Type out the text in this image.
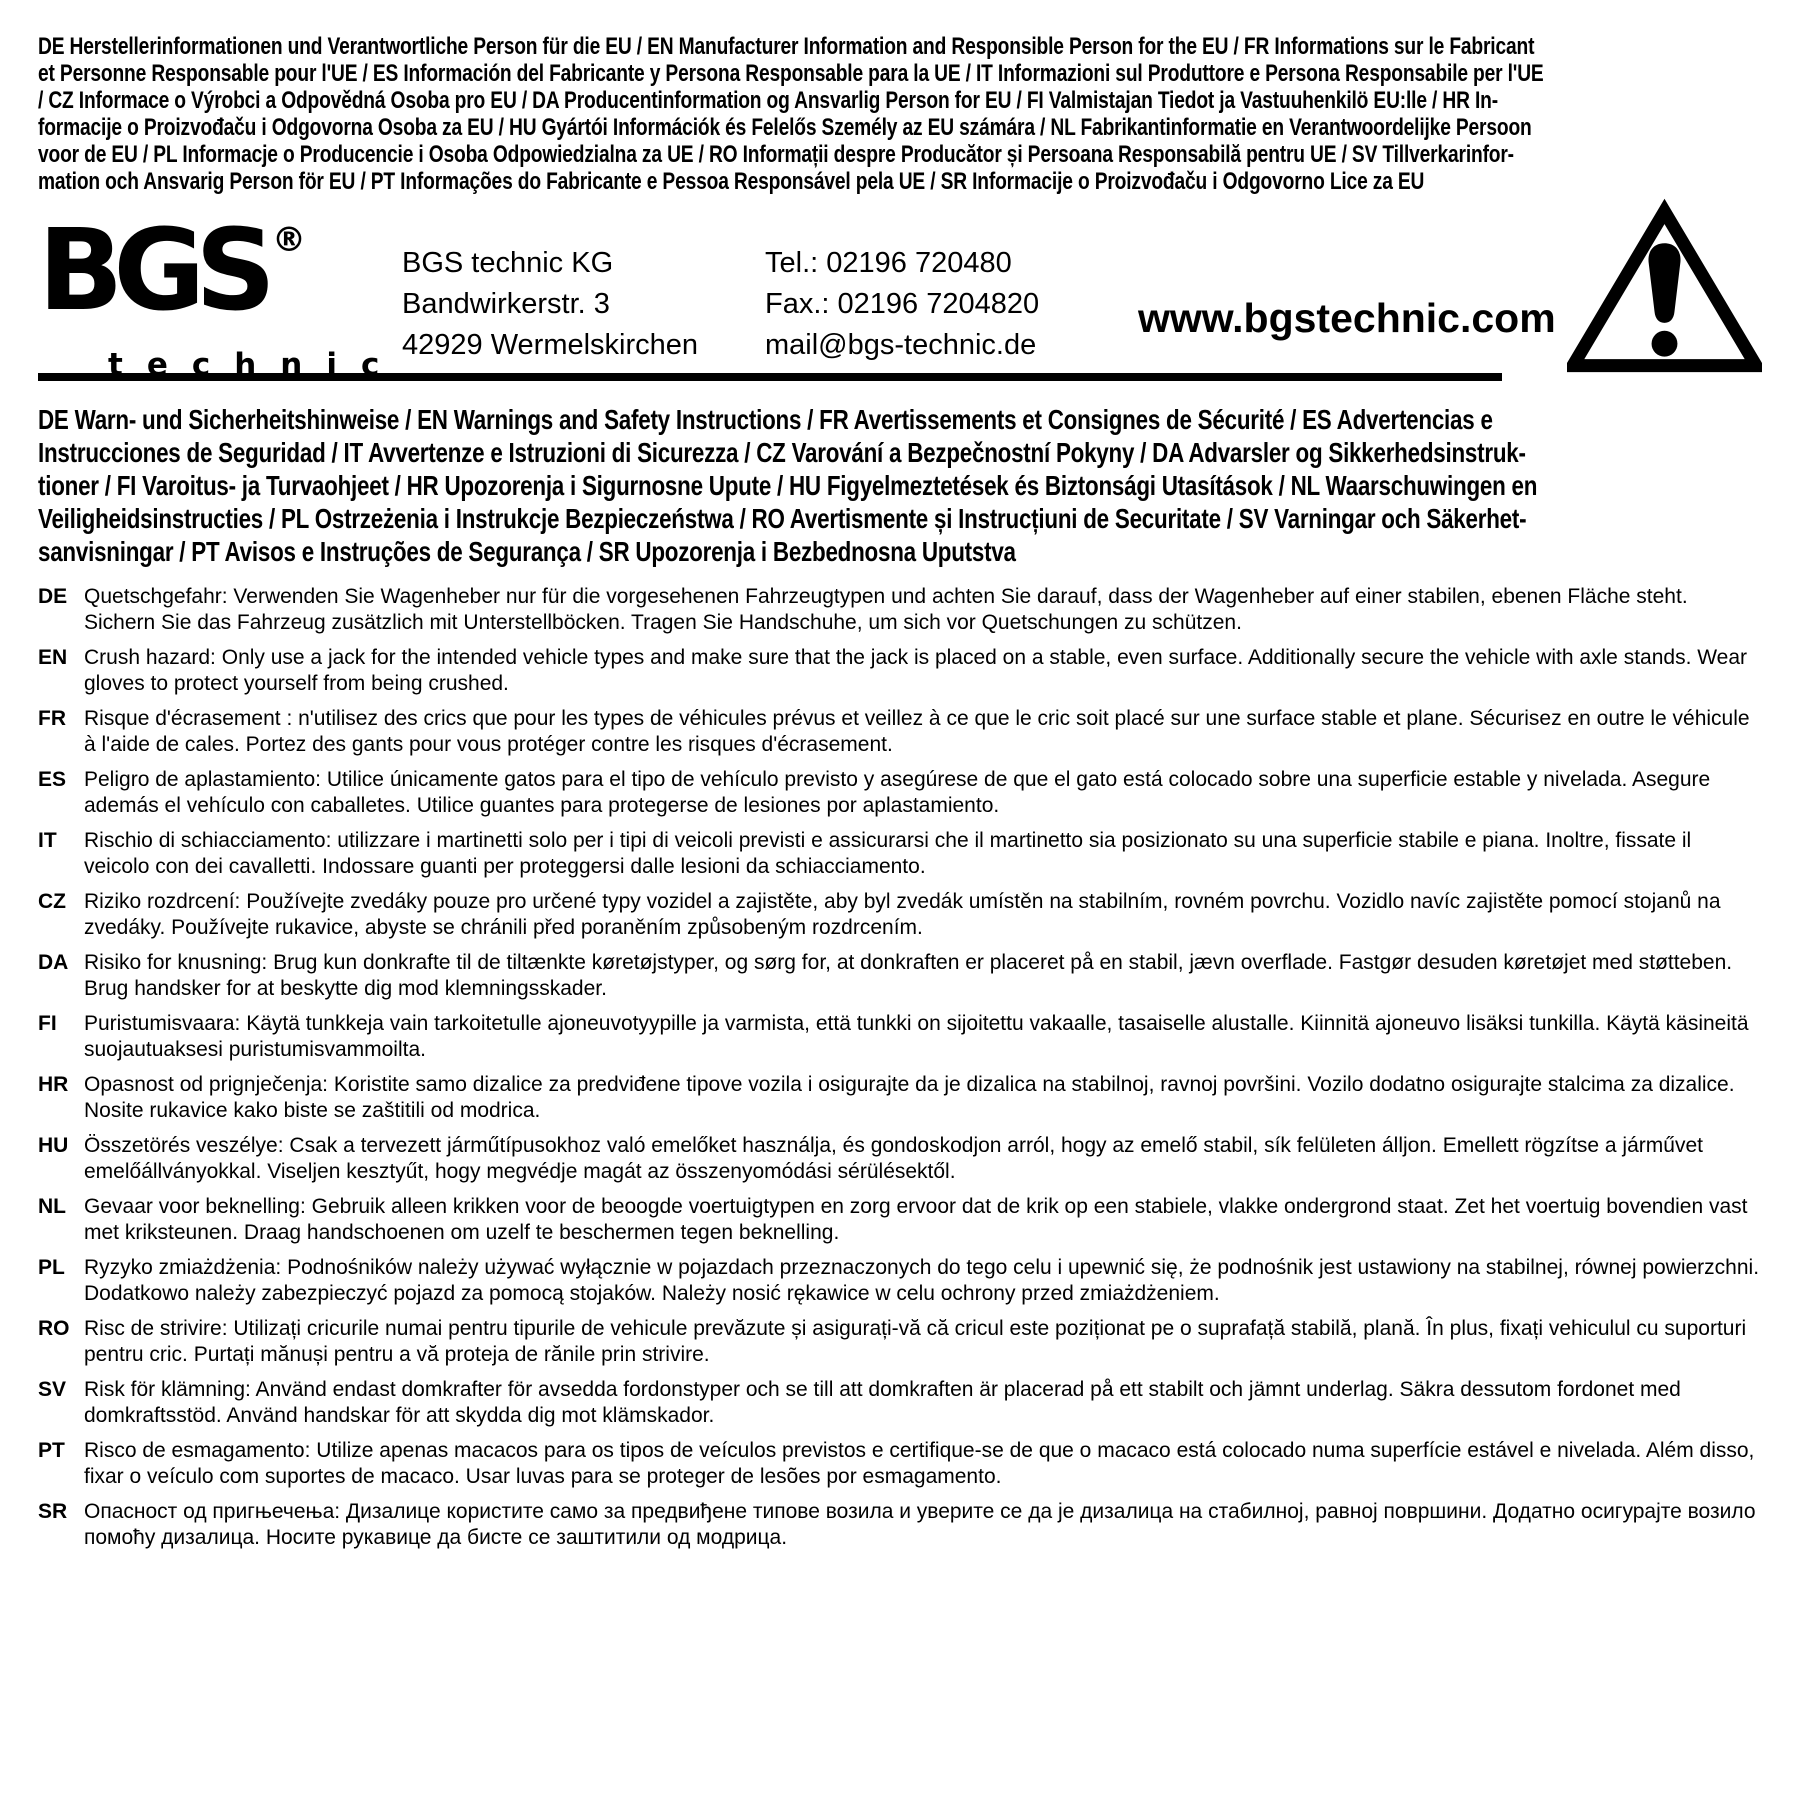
DE Herstellerinformationen und Verantwortliche Person für die EU / EN Manufacturer Information and Responsible Person for the EU / FR Informations sur le Fabricant
et Personne Responsable pour l'UE / ES Información del Fabricante y Persona Responsable para la UE / IT Informazioni sul Produttore e Persona Responsabile per l'UE
/ CZ Informace o Výrobci a Odpovědná Osoba pro EU / DA Producentinformation og Ansvarlig Person for EU / FI Valmistajan Tiedot ja Vastuuhenkilö EU:lle / HR In-
formacije o Proizvođaču i Odgovorna Osoba za EU / HU Gyártói Információk és Felelős Személy az EU számára / NL Fabrikantinformatie en Verantwoordelijke Persoon
voor de EU / PL Informacje o Producencie i Osoba Odpowiedzialna za UE / RO Informații despre Producător și Persoana Responsabilă pentru UE / SV Tillverkarinfor-
mation och Ansvarig Person för EU / PT Informações do Fabricante e Pessoa Responsável pela UE / SR Informacije o Proizvođaču i Odgovorno Lice za EU
BGS ®
technic
BGS technic KG
Bandwirkerstr. 3
42929 Wermelskirchen
Tel.: 02196 720480
Fax.: 02196 7204820
mail@bgs-technic.de
www.bgstechnic.com
DE Warn- und Sicherheitshinweise / EN Warnings and Safety Instructions / FR Avertissements et Consignes de Sécurité / ES Advertencias e
Instrucciones de Seguridad / IT Avvertenze e Istruzioni di Sicurezza / CZ Varování a Bezpečnostní Pokyny / DA Advarsler og Sikkerhedsinstruk-
tioner / FI Varoitus- ja Turvaohjeet / HR Upozorenja i Sigurnosne Upute / HU Figyelmeztetések és Biztonsági Utasítások / NL Waarschuwingen en
Veiligheidsinstructies / PL Ostrzeżenia i Instrukcje Bezpieczeństwa / RO Avertismente și Instrucțiuni de Securitate / SV Varningar och Säkerhet-
sanvisningar / PT Avisos e Instruções de Segurança / SR Upozorenja i Bezbednosna Uputstva
DE Quetschgefahr: Verwenden Sie Wagenheber nur für die vorgesehenen Fahrzeugtypen und achten Sie darauf, dass der Wagenheber auf einer stabilen, ebenen Fläche steht. Sichern Sie das Fahrzeug zusätzlich mit Unterstellböcken. Tragen Sie Handschuhe, um sich vor Quetschungen zu schützen.
EN Crush hazard: Only use a jack for the intended vehicle types and make sure that the jack is placed on a stable, even surface. Additionally secure the vehicle with axle stands. Wear gloves to protect yourself from being crushed.
FR Risque d'écrasement : n'utilisez des crics que pour les types de véhicules prévus et veillez à ce que le cric soit placé sur une surface stable et plane. Sécurisez en outre le véhicule à l'aide de cales. Portez des gants pour vous protéger contre les risques d'écrasement.
ES Peligro de aplastamiento: Utilice únicamente gatos para el tipo de vehículo previsto y asegúrese de que el gato está colocado sobre una superficie estable y nivelada. Asegure además el vehículo con caballetes. Utilice guantes para protegerse de lesiones por aplastamiento.
IT	Rischio di schiacciamento: utilizzare i martinetti solo per i tipi di veicoli previsti e assicurarsi che il martinetto sia posizionato su una superficie stabile e piana. Inoltre, fissate il veicolo con dei cavalletti. Indossare guanti per proteggersi dalle lesioni da schiacciamento.
CZ Riziko rozdrcení: Používejte zvedáky pouze pro určené typy vozidel a zajistěte, aby byl zvedák umístěn na stabilním, rovném povrchu. Vozidlo navíc zajistěte pomocí stojanů na zvedáky. Používejte rukavice, abyste se chránili před poraněním způsobeným rozdrcením.
DA Risiko for knusning: Brug kun donkrafte til de tiltænkte køretøjstyper, og sørg for, at donkraften er placeret på en stabil, jævn overflade. Fastgør desuden køretøjet med støtteben. Brug handsker for at beskytte dig mod klemningsskader.
FI	Puristumisvaara: Käytä tunkkeja vain tarkoitetulle ajoneuvotyypille ja varmista, että tunkki on sijoitettu vakaalle, tasaiselle alustalle. Kiinnitä ajoneuvo lisäksi tunkilla. Käytä käsineitä suojautuaksesi puristumisvammoilta.
HR Opasnost od prignječenja: Koristite samo dizalice za predviđene tipove vozila i osigurajte da je dizalica na stabilnoj, ravnoj površini. Vozilo dodatno osigurajte stalcima za dizalice. Nosite rukavice kako biste se zaštitili od modrica.
HU Összetörés veszélye: Csak a tervezett járműtípusokhoz való emelőket használja, és gondoskodjon arról, hogy az emelő stabil, sík felületen álljon. Emellett rögzítse a járművet emelőállványokkal. Viseljen kesztyűt, hogy megvédje magát az összenyomódási sérülésektől.
NL Gevaar voor beknelling: Gebruik alleen krikken voor de beoogde voertuigtypen en zorg ervoor dat de krik op een stabiele, vlakke ondergrond staat. Zet het voertuig bovendien vast met kriksteunen. Draag handschoenen om uzelf te beschermen tegen beknelling.
PL Ryzyko zmiażdżenia: Podnośników należy używać wyłącznie w pojazdach przeznaczonych do tego celu i upewnić się, że podnośnik jest ustawiony na stabilnej, równej powierzchni. Dodatkowo należy zabezpieczyć pojazd za pomocą stojaków. Należy nosić rękawice w celu ochrony przed zmiażdżeniem.
RO Risc de strivire: Utilizați cricurile numai pentru tipurile de vehicule prevăzute și asigurați-vă că cricul este poziționat pe o suprafață stabilă, plană. În plus, fixați vehiculul cu suporturi pentru cric. Purtați mănuși pentru a vă proteja de rănile prin strivire.
SV Risk för klämning: Använd endast domkrafter för avsedda fordonstyper och se till att domkraften är placerad på ett stabilt och jämnt underlag. Säkra dessutom fordonet med domkraftsstöd. Använd handskar för att skydda dig mot klämskador.
PT Risco de esmagamento: Utilize apenas macacos para os tipos de veículos previstos e certifique-se de que o macaco está colocado numa superfície estável e nivelada. Além disso, fixar o veículo com suportes de macaco. Usar luvas para se proteger de lesões por esmagamento.
SR Опасност од пригњечења: Дизалице користите само за предвиђене типове возила и уверите се да је дизалица на стабилној, равној површини. Додатно осигурајте возило помоћу дизалица. Носите рукавице да бисте се заштитили од модрица.
